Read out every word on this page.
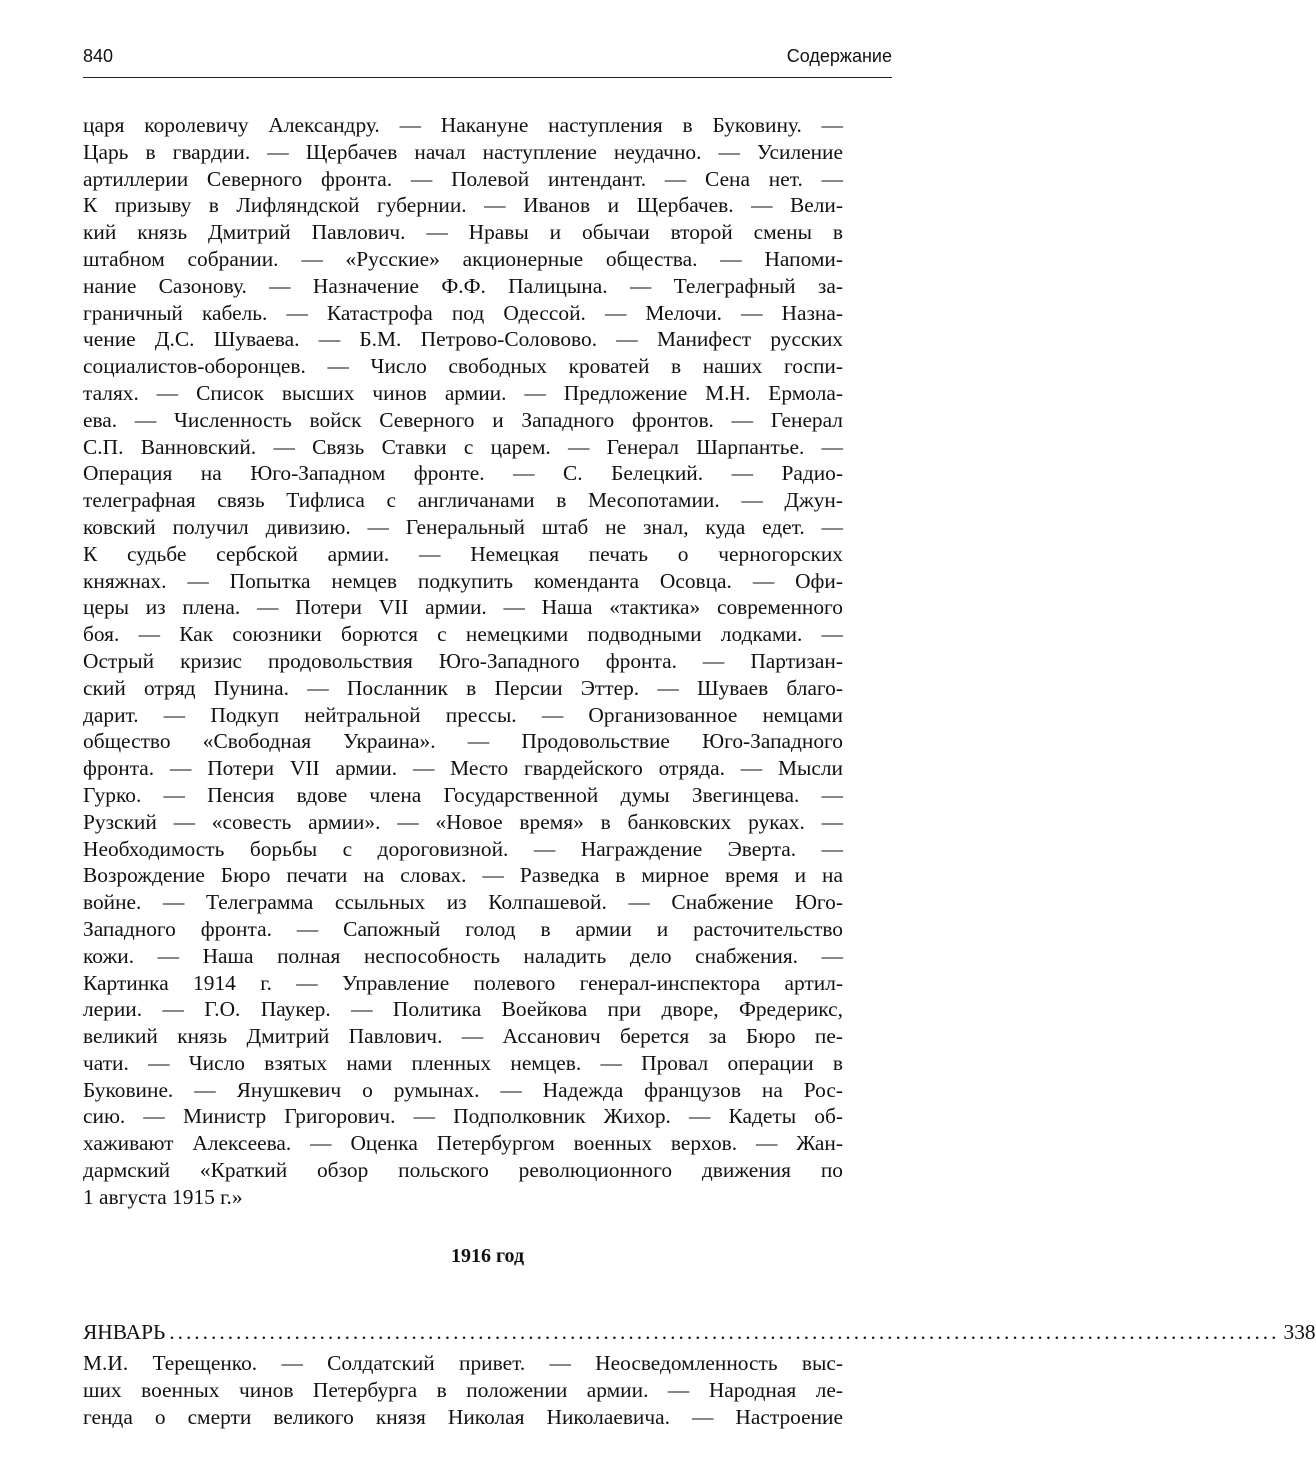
840	Содержание
царя королевичу Александру. — Накануне наступления в Буковину. —
Царь в гвардии. — Щербачев начал наступление неудачно. — Усиление
артиллерии Северного фронта. — Полевой интендант. — Сена нет. —
К призыву в Лифляндской губернии. — Иванов и Щербачев. — Вели-
кий князь Дмитрий Павлович. — Нравы и обычаи второй смены в
штабном собрании. — «Русские» акционерные общества. — Напоми-
нание Сазонову. — Назначение Ф.Ф. Палицына. — Телеграфный за-
граничный кабель. — Катастрофа под Одессой. — Мелочи. — Назна-
чение Д.С. Шуваева. — Б.М. Петрово-Соловово. — Манифест русских
социалистов-оборонцев. — Число свободных кроватей в наших госпи-
талях. — Список высших чинов армии. — Предложение М.Н. Ермола-
ева. — Численность войск Северного и Западного фронтов. — Генерал
С.П. Ванновский. — Связь Ставки с царем. — Генерал Шарпантье. —
Операция на Юго-Западном фронте. — С. Белецкий. — Радио-
телеграфная связь Тифлиса с англичанами в Месопотамии. — Джун-
ковский получил дивизию. — Генеральный штаб не знал, куда едет. —
К судьбе сербской армии. — Немецкая печать о черногорских
княжнах. — Попытка немцев подкупить коменданта Осовца. — Офи-
церы из плена. — Потери VII армии. — Наша «тактика» современного
боя. — Как союзники борются с немецкими подводными лодками. —
Острый кризис продовольствия Юго-Западного фронта. — Партизан-
ский отряд Пунина. — Посланник в Персии Эттер. — Шуваев благо-
дарит. — Подкуп нейтральной прессы. — Организованное немцами
общество «Свободная Украина». — Продовольствие Юго-Западного
фронта. — Потери VII армии. — Место гвардейского отряда. — Мысли
Гурко. — Пенсия вдове члена Государственной думы Звегинцева. —
Рузский — «совесть армии». — «Новое время» в банковских руках. —
Необходимость борьбы с дороговизной. — Награждение Эверта. —
Возрождение Бюро печати на словах. — Разведка в мирное время и на
войне. — Телеграмма ссыльных из Колпашевой. — Снабжение Юго-
Западного фронта. — Сапожный голод в армии и расточительство
кожи. — Наша полная неспособность наладить дело снабжения. —
Картинка 1914 г. — Управление полевого генерал-инспектора артил-
лерии. — Г.О. Паукер. — Политика Воейкова при дворе, Фредерикс,
великий князь Дмитрий Павлович. — Ассанович берется за Бюро пе-
чати. — Число взятых нами пленных немцев. — Провал операции в
Буковине. — Янушкевич о румынах. — Надежда французов на Рос-
сию. — Министр Григорович. — Подполковник Жихор. — Кадеты об-
хаживают Алексеева. — Оценка Петербургом военных верхов. — Жан-
дармский «Краткий обзор польского революционного движения по
1 августа 1915 г.»
1916 год
ЯНВАРЬ ..................................................................................................................................... 338
М.И. Терещенко. — Солдатский привет. — Неосведомленность выс-
ших военных чинов Петербурга в положении армии. — Народная ле-
генда о смерти великого князя Николая Николаевича. — Настроение
